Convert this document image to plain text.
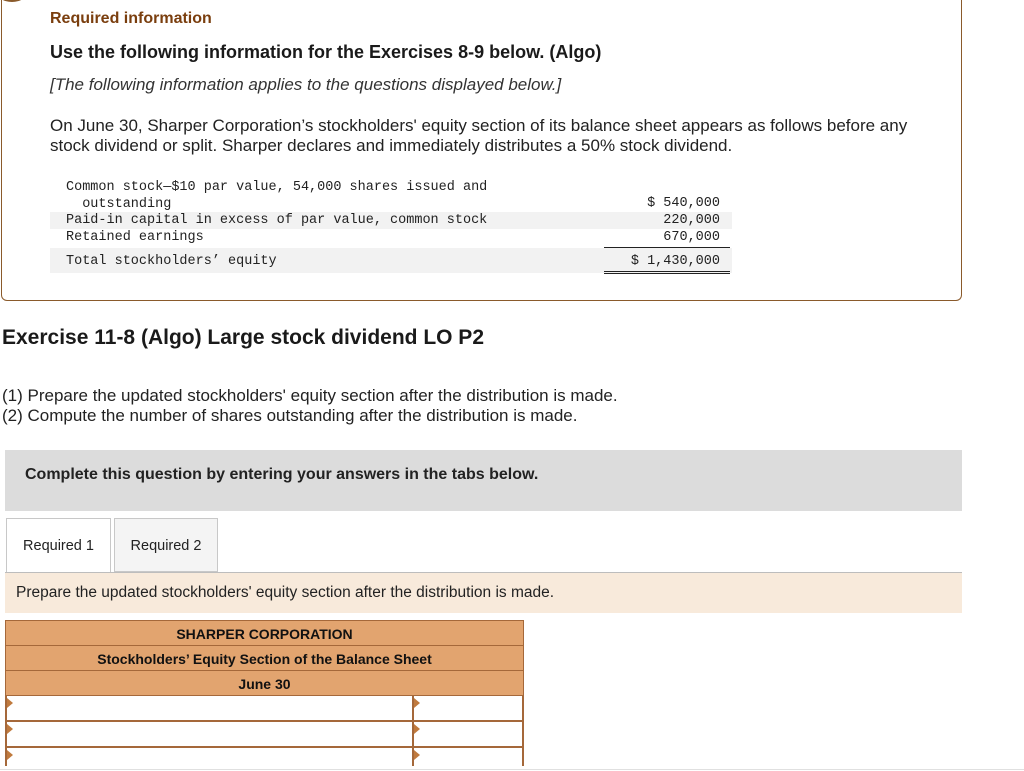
Required information
Use the following information for the Exercises 8-9 below. (Algo)
[The following information applies to the questions displayed below.]
On June 30, Sharper Corporation’s stockholders' equity section of its balance sheet appears as follows before any stock dividend or split. Sharper declares and immediately distributes a 50% stock dividend.
Common stock—$10 par value, 54,000 shares issued and
outstanding	$ 540,000
Paid-in capital in excess of par value, common stock	220,000
Retained earnings	670,000
Total stockholders’ equity	$ 1,430,000
Exercise 11-8 (Algo) Large stock dividend LO P2
(1) Prepare the updated stockholders' equity section after the distribution is made.
(2) Compute the number of shares outstanding after the distribution is made.
Complete this question by entering your answers in the tabs below.
Required 1	Required 2
Prepare the updated stockholders' equity section after the distribution is made.
SHARPER CORPORATION
Stockholders’ Equity Section of the Balance Sheet
June 30
